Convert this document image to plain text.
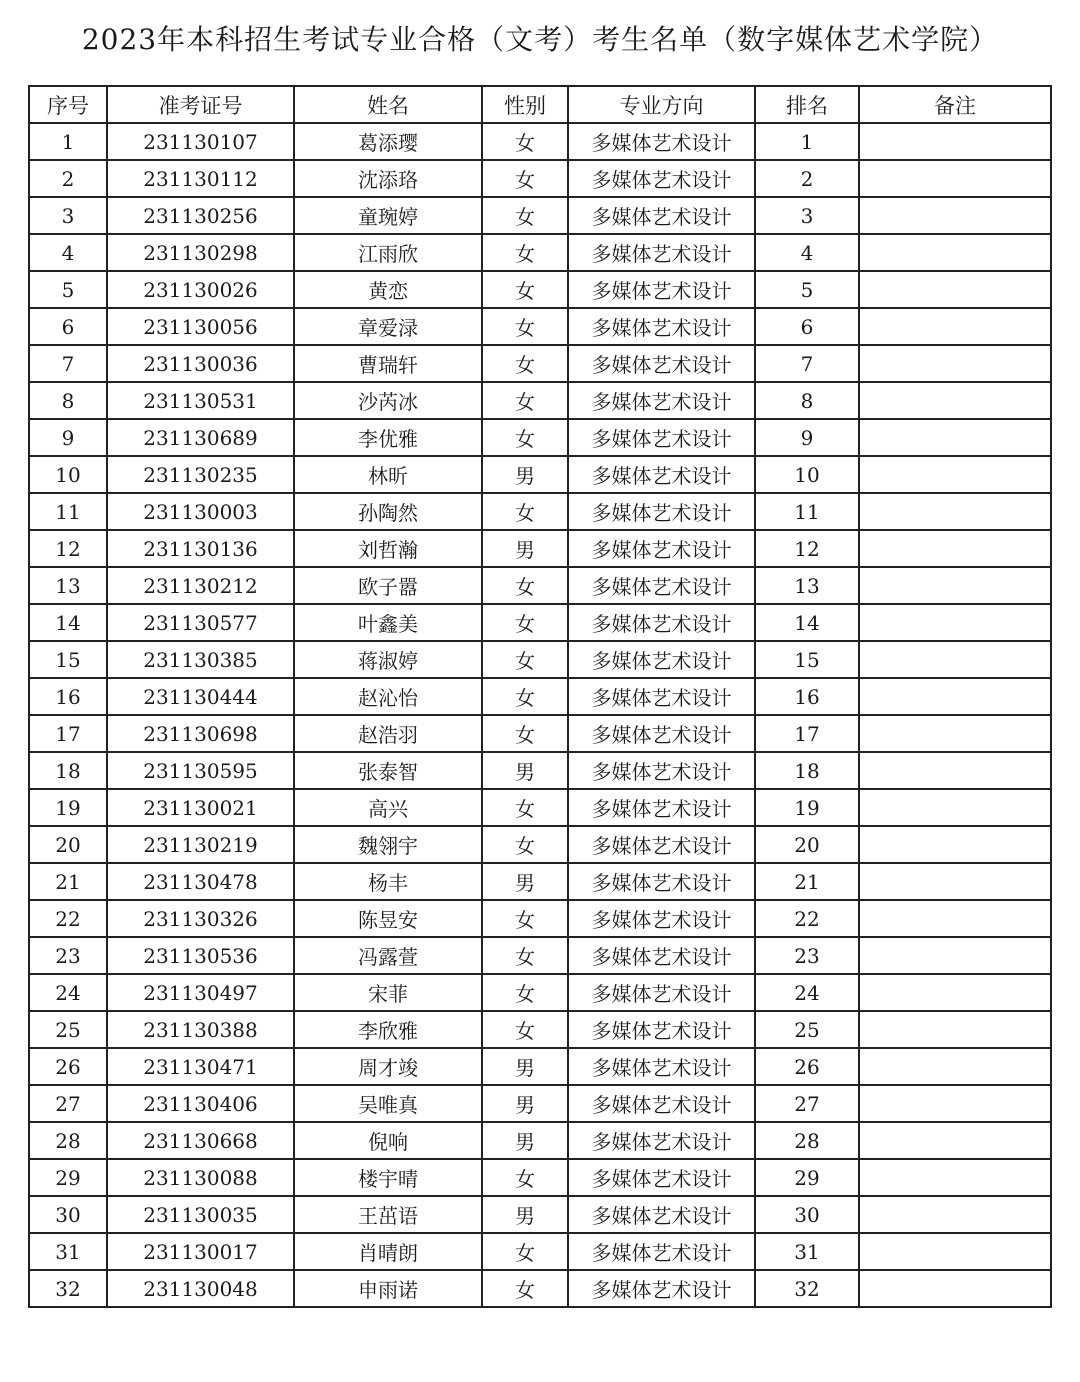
2023年本科招生考试专业合格（文考）考生名单（数字媒体艺术学院）
序号	准考证号	姓名	性别	专业方向	排名	备注
1	231130107	葛添璎	女	多媒体艺术设计	1	
2	231130112	沈添珞	女	多媒体艺术设计	2	
3	231130256	童琬婷	女	多媒体艺术设计	3	
4	231130298	江雨欣	女	多媒体艺术设计	4	
5	231130026	黄恋	女	多媒体艺术设计	5	
6	231130056	章爱渌	女	多媒体艺术设计	6	
7	231130036	曹瑞轩	女	多媒体艺术设计	7	
8	231130531	沙芮冰	女	多媒体艺术设计	8	
9	231130689	李优雅	女	多媒体艺术设计	9	
10	231130235	林昕	男	多媒体艺术设计	10	
11	231130003	孙陶然	女	多媒体艺术设计	11	
12	231130136	刘哲瀚	男	多媒体艺术设计	12	
13	231130212	欧子嚣	女	多媒体艺术设计	13	
14	231130577	叶鑫美	女	多媒体艺术设计	14	
15	231130385	蒋淑婷	女	多媒体艺术设计	15	
16	231130444	赵沁怡	女	多媒体艺术设计	16	
17	231130698	赵浩羽	女	多媒体艺术设计	17	
18	231130595	张泰智	男	多媒体艺术设计	18	
19	231130021	高兴	女	多媒体艺术设计	19	
20	231130219	魏翎宇	女	多媒体艺术设计	20	
21	231130478	杨丰	男	多媒体艺术设计	21	
22	231130326	陈昱安	女	多媒体艺术设计	22	
23	231130536	冯露萱	女	多媒体艺术设计	23	
24	231130497	宋菲	女	多媒体艺术设计	24	
25	231130388	李欣雅	女	多媒体艺术设计	25	
26	231130471	周才竣	男	多媒体艺术设计	26	
27	231130406	吴唯真	男	多媒体艺术设计	27	
28	231130668	倪响	男	多媒体艺术设计	28	
29	231130088	楼宇晴	女	多媒体艺术设计	29	
30	231130035	王茁语	男	多媒体艺术设计	30	
31	231130017	肖晴朗	女	多媒体艺术设计	31	
32	231130048	申雨诺	女	多媒体艺术设计	32	
